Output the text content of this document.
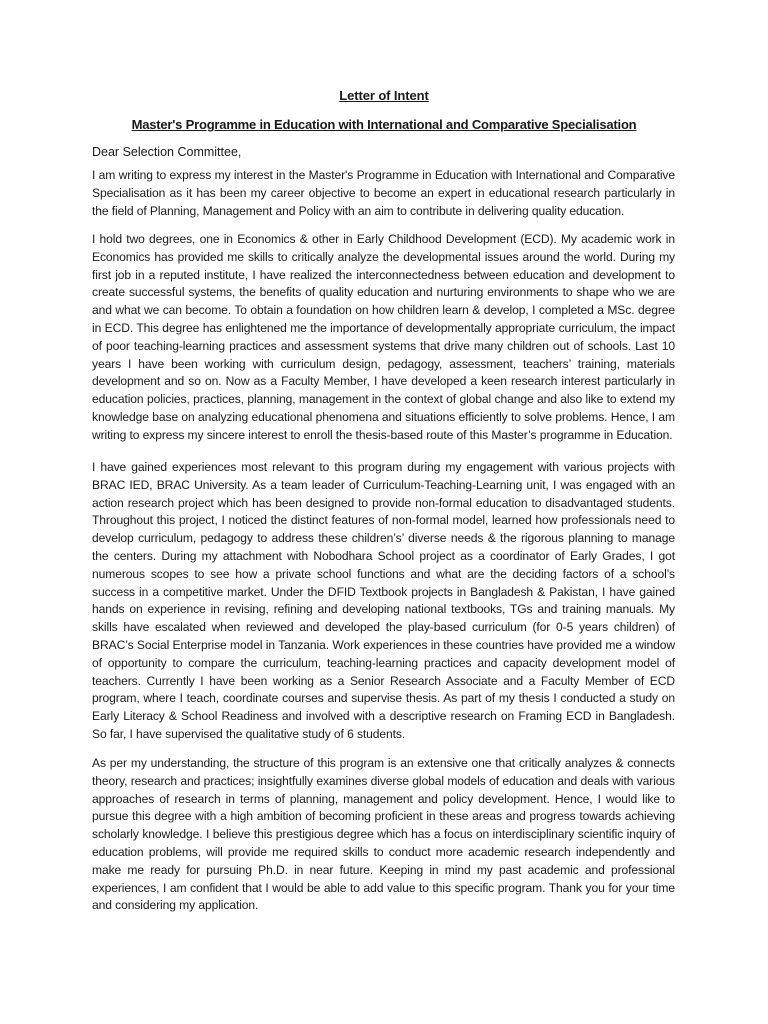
Letter of Intent
Master's Programme in Education with International and Comparative Specialisation
Dear Selection Committee,

I am writing to express my interest in the Master's Programme in Education with International and Comparative Specialisation as it has been my career objective to become an expert in educational research particularly in the field of Planning, Management and Policy with an aim to contribute in delivering quality education.

I hold two degrees, one in Economics & other in Early Childhood Development (ECD). My academic work in Economics has provided me skills to critically analyze the developmental issues around the world. During my first job in a reputed institute, I have realized the interconnectedness between education and development to create successful systems, the benefits of quality education and nurturing environments to shape who we are and what we can become. To obtain a foundation on how children learn & develop, I completed a MSc. degree in ECD. This degree has enlightened me the importance of developmentally appropriate curriculum, the impact of poor teaching-learning practices and assessment systems that drive many children out of schools. Last 10 years I have been working with curriculum design, pedagogy, assessment, teachers’ training, materials development and so on. Now as a Faculty Member, I have developed a keen research interest particularly in education policies, practices, planning, management in the context of global change and also like to extend my knowledge base on analyzing educational phenomena and situations efficiently to solve problems. Hence, I am writing to express my sincere interest to enroll the thesis-based route of this Master’s programme in Education.

I have gained experiences most relevant to this program during my engagement with various projects with BRAC IED, BRAC University. As a team leader of Curriculum-Teaching-Learning unit, I was engaged with an action research project which has been designed to provide non-formal education to disadvantaged students. Throughout this project, I noticed the distinct features of non-formal model, learned how professionals need to develop curriculum, pedagogy to address these children’s’ diverse needs & the rigorous planning to manage the centers. During my attachment with Nobodhara School project as a coordinator of Early Grades, I got numerous scopes to see how a private school functions and what are the deciding factors of a school’s success in a competitive market. Under the DFID Textbook projects in Bangladesh & Pakistan, I have gained hands on experience in revising, refining and developing national textbooks, TGs and training manuals. My skills have escalated when reviewed and developed the play-based curriculum (for 0-5 years children) of BRAC’s Social Enterprise model in Tanzania. Work experiences in these countries have provided me a window of opportunity to compare the curriculum, teaching-learning practices and capacity development model of teachers. Currently I have been working as a Senior Research Associate and a Faculty Member of ECD program, where I teach, coordinate courses and supervise thesis. As part of my thesis I conducted a study on Early Literacy & School Readiness and involved with a descriptive research on Framing ECD in Bangladesh. So far, I have supervised the qualitative study of 6 students.

As per my understanding, the structure of this program is an extensive one that critically analyzes & connects theory, research and practices; insightfully examines diverse global models of education and deals with various approaches of research in terms of planning, management and policy development. Hence, I would like to pursue this degree with a high ambition of becoming proficient in these areas and progress towards achieving scholarly knowledge. I believe this prestigious degree which has a focus on interdisciplinary scientific inquiry of education problems, will provide me required skills to conduct more academic research independently and make me ready for pursuing Ph.D. in near future. Keeping in mind my past academic and professional experiences, I am confident that I would be able to add value to this specific program. Thank you for your time and considering my application.
